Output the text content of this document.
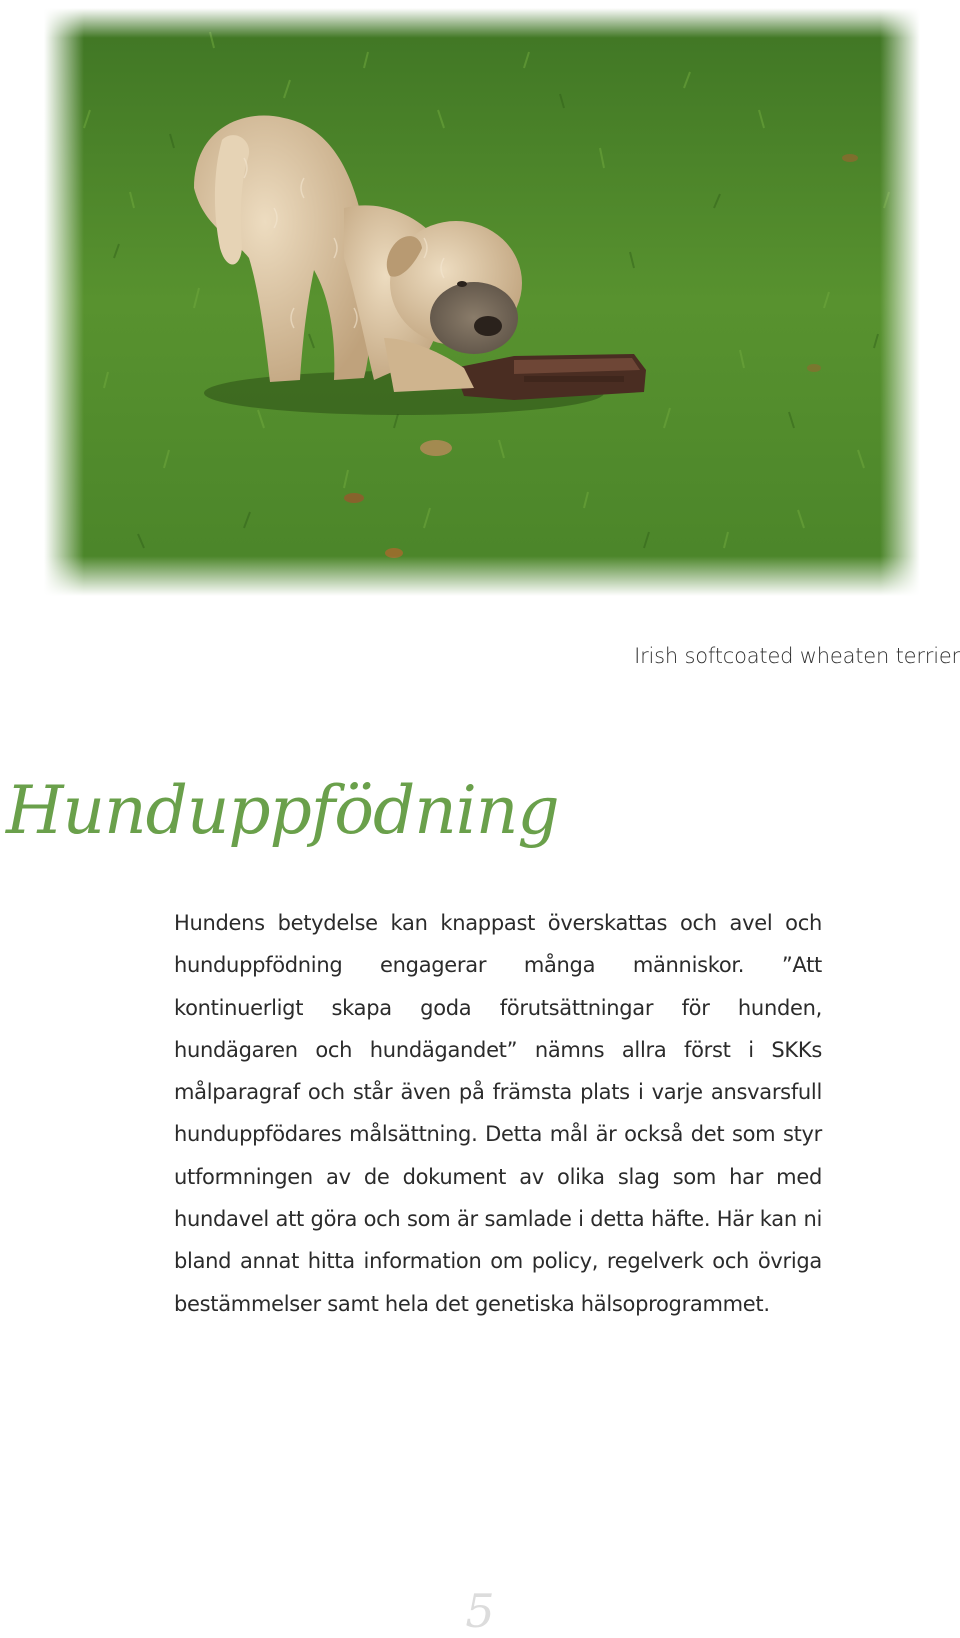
Irish softcoated wheaten terrier
Hunduppfödning

Hundens betydelse kan knappast överskattas och avel och hunduppfödning engagerar många människor. ”Att kontinuerligt skapa goda förutsättningar för hunden, hundägaren och hundägandet” nämns allra först i SKKs målparagraf och står även på främsta plats i varje ansvarsfull hunduppfödares målsättning. Detta mål är också det som styr utformningen av de dokument av olika slag som har med hundavel att göra och som är samlade i detta häfte. Här kan ni bland annat hitta information om policy, regelverk och övriga bestämmelser samt hela det genetiska hälsoprogrammet.

5
